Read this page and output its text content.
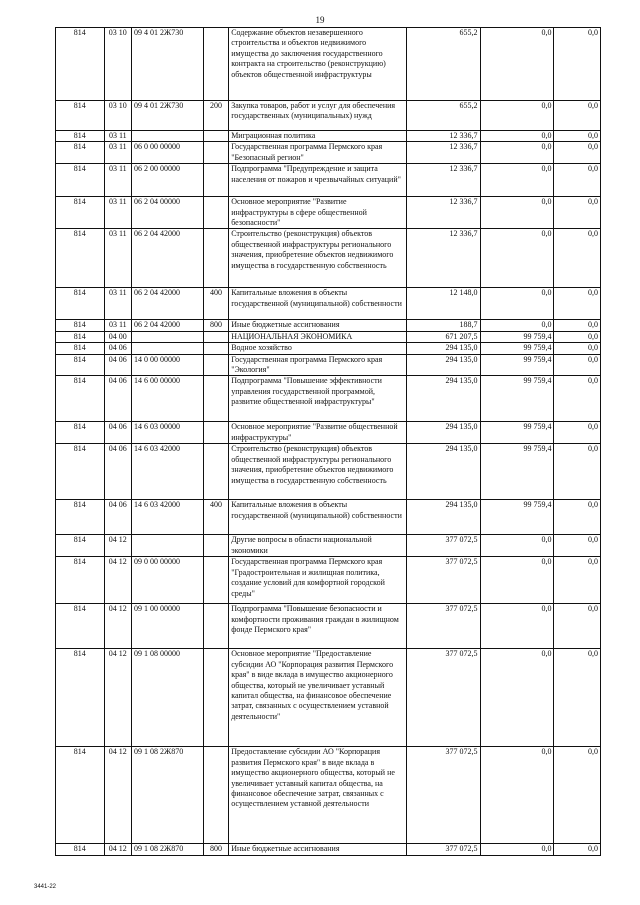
19
814	03 10	09 4 01 2Ж730		Содержание объектов незавершенного строительства и объектов недвижимого имущества до заключения государственного контракта на строительство (реконструкцию) объектов общественной инфраструктуры	655,2	0,0	0,0
814	03 10	09 4 01 2Ж730	200	Закупка товаров, работ и услуг для обеспечения государственных (муниципальных) нужд	655,2	0,0	0,0
814	03 11			Миграционная политика	12 336,7	0,0	0,0
814	03 11	06 0 00 00000		Государственная программа Пермского края "Безопасный регион"	12 336,7	0,0	0,0
814	03 11	06 2 00 00000		Подпрограмма "Предупреждение и защита населения от пожаров и чрезвычайных ситуаций"	12 336,7	0,0	0,0
814	03 11	06 2 04 00000		Основное мероприятие "Развитие инфраструктуры в сфере общественной безопасности"	12 336,7	0,0	0,0
814	03 11	06 2 04 42000		Строительство (реконструкция) объектов общественной инфраструктуры регионального значения, приобретение объектов недвижимого имущества в государственную собственность	12 336,7	0,0	0,0
814	03 11	06 2 04 42000	400	Капитальные вложения в объекты государственной (муниципальной) собственности	12 148,0	0,0	0,0
814	03 11	06 2 04 42000	800	Иные бюджетные ассигнования	188,7	0,0	0,0
814	04 00			НАЦИОНАЛЬНАЯ ЭКОНОМИКА	671 207,5	99 759,4	0,0
814	04 06			Водное хозяйство	294 135,0	99 759,4	0,0
814	04 06	14 0 00 00000		Государственная программа Пермского края "Экология"	294 135,0	99 759,4	0,0
814	04 06	14 6 00 00000		Подпрограмма "Повышение эффективности управления государственной программой, развитие общественной инфраструктуры"	294 135,0	99 759,4	0,0
814	04 06	14 6 03 00000		Основное мероприятие "Развитие общественной инфраструктуры"	294 135,0	99 759,4	0,0
814	04 06	14 6 03 42000		Строительство (реконструкция) объектов общественной инфраструктуры регионального значения, приобретение объектов недвижимого имущества в государственную собственность	294 135,0	99 759,4	0,0
814	04 06	14 6 03 42000	400	Капитальные вложения в объекты государственной (муниципальной) собственности	294 135,0	99 759,4	0,0
814	04 12			Другие вопросы в области национальной экономики	377 072,5	0,0	0,0
814	04 12	09 0 00 00000		Государственная программа Пермского края "Градостроительная и жилищная политика, создание условий для комфортной городской среды"	377 072,5	0,0	0,0
814	04 12	09 1 00 00000		Подпрограмма "Повышение безопасности и комфортности проживания граждан в жилищном фонде Пермского края"	377 072,5	0,0	0,0
814	04 12	09 1 08 00000		Основное мероприятие "Предоставление субсидии АО "Корпорация развития Пермского края" в виде вклада в имущество акционерного общества, который не увеличивает уставный капитал общества, на финансовое обеспечение затрат, связанных с осуществлением уставной деятельности"	377 072,5	0,0	0,0
814	04 12	09 1 08 2Ж870		Предоставление субсидии АО "Корпорация развития Пермского края" в виде вклада в имущество акционерного общества, который не увеличивает уставный капитал общества, на финансовое обеспечение затрат, связанных с осуществлением уставной деятельности	377 072,5	0,0	0,0
814	04 12	09 1 08 2Ж870	800	Иные бюджетные ассигнования	377 072,5	0,0	0,0
3441-22
